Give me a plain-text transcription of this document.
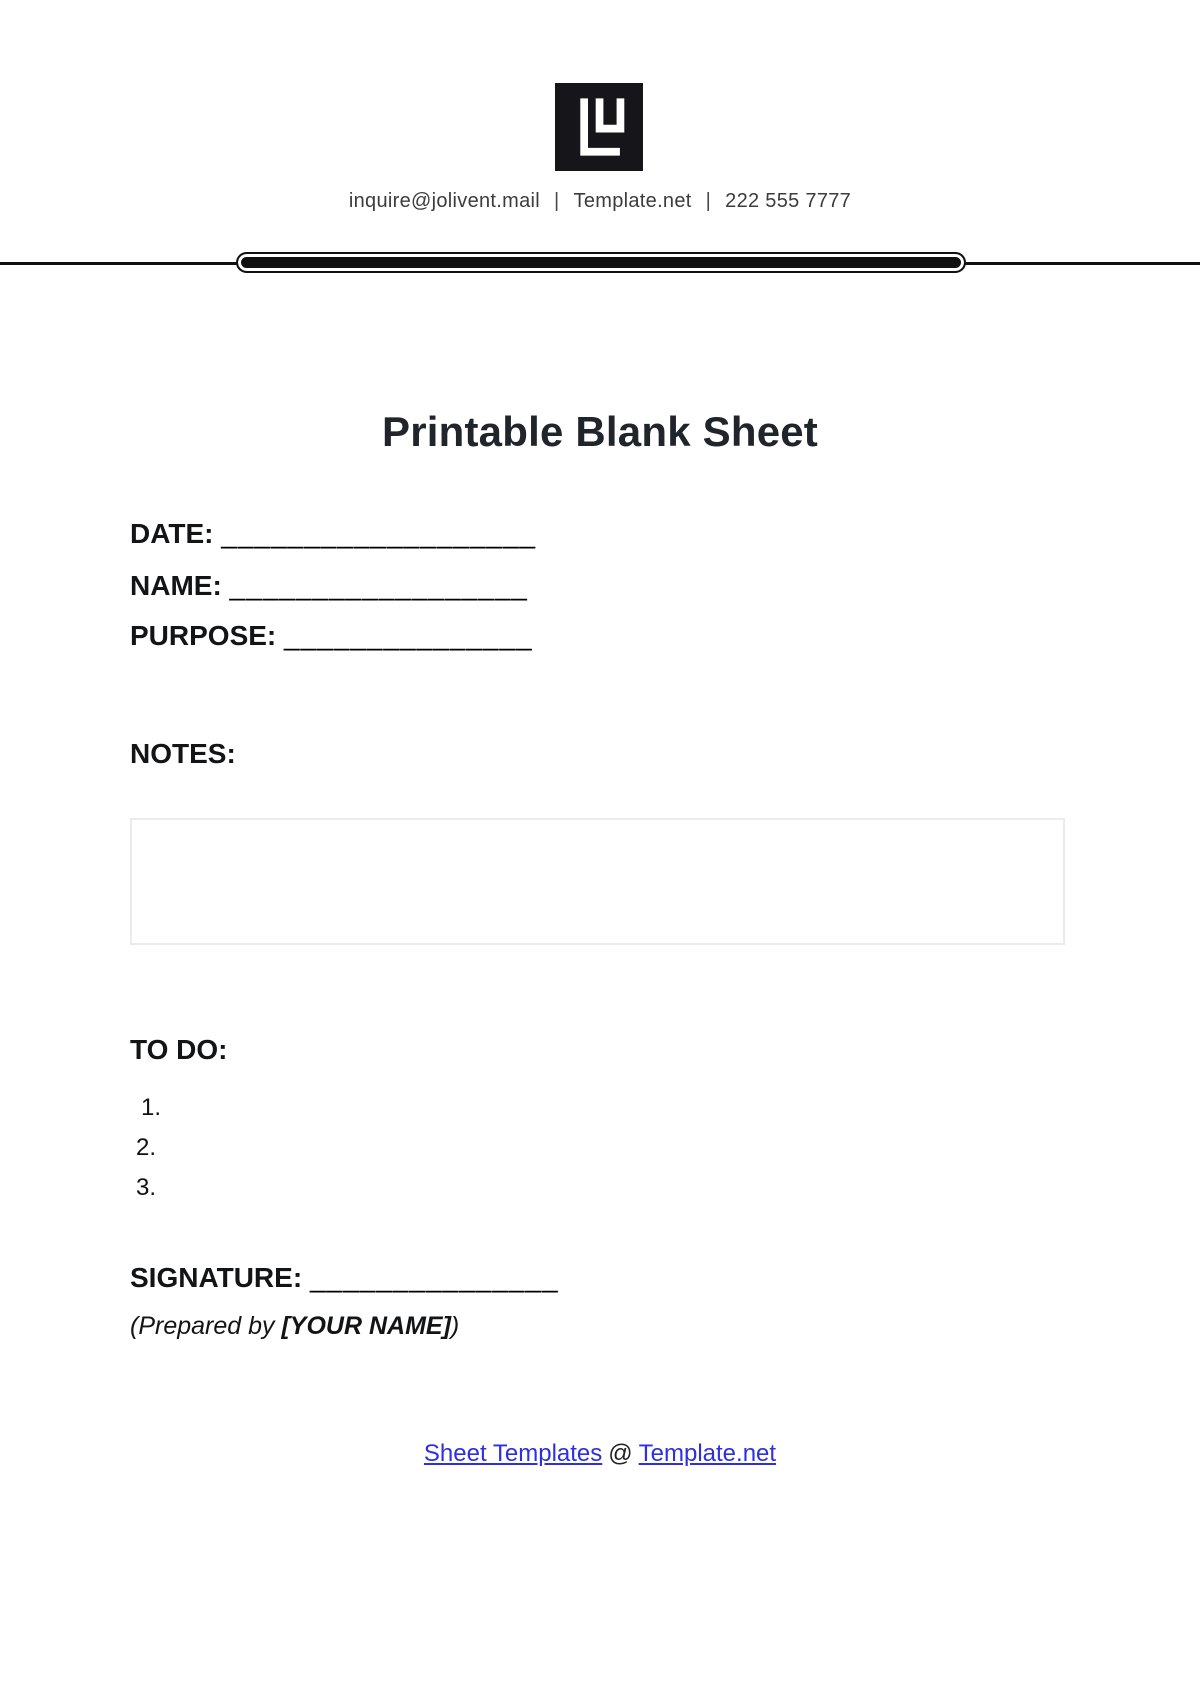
inquire@jolivent.mail | Template.net | 222 555 7777
Printable Blank Sheet
DATE: ___________________
NAME: __________________
PURPOSE: _______________
NOTES:
TO DO:
1.
2.
3.
SIGNATURE: _______________
(Prepared by [YOUR NAME])
Sheet Templates @ Template.net
